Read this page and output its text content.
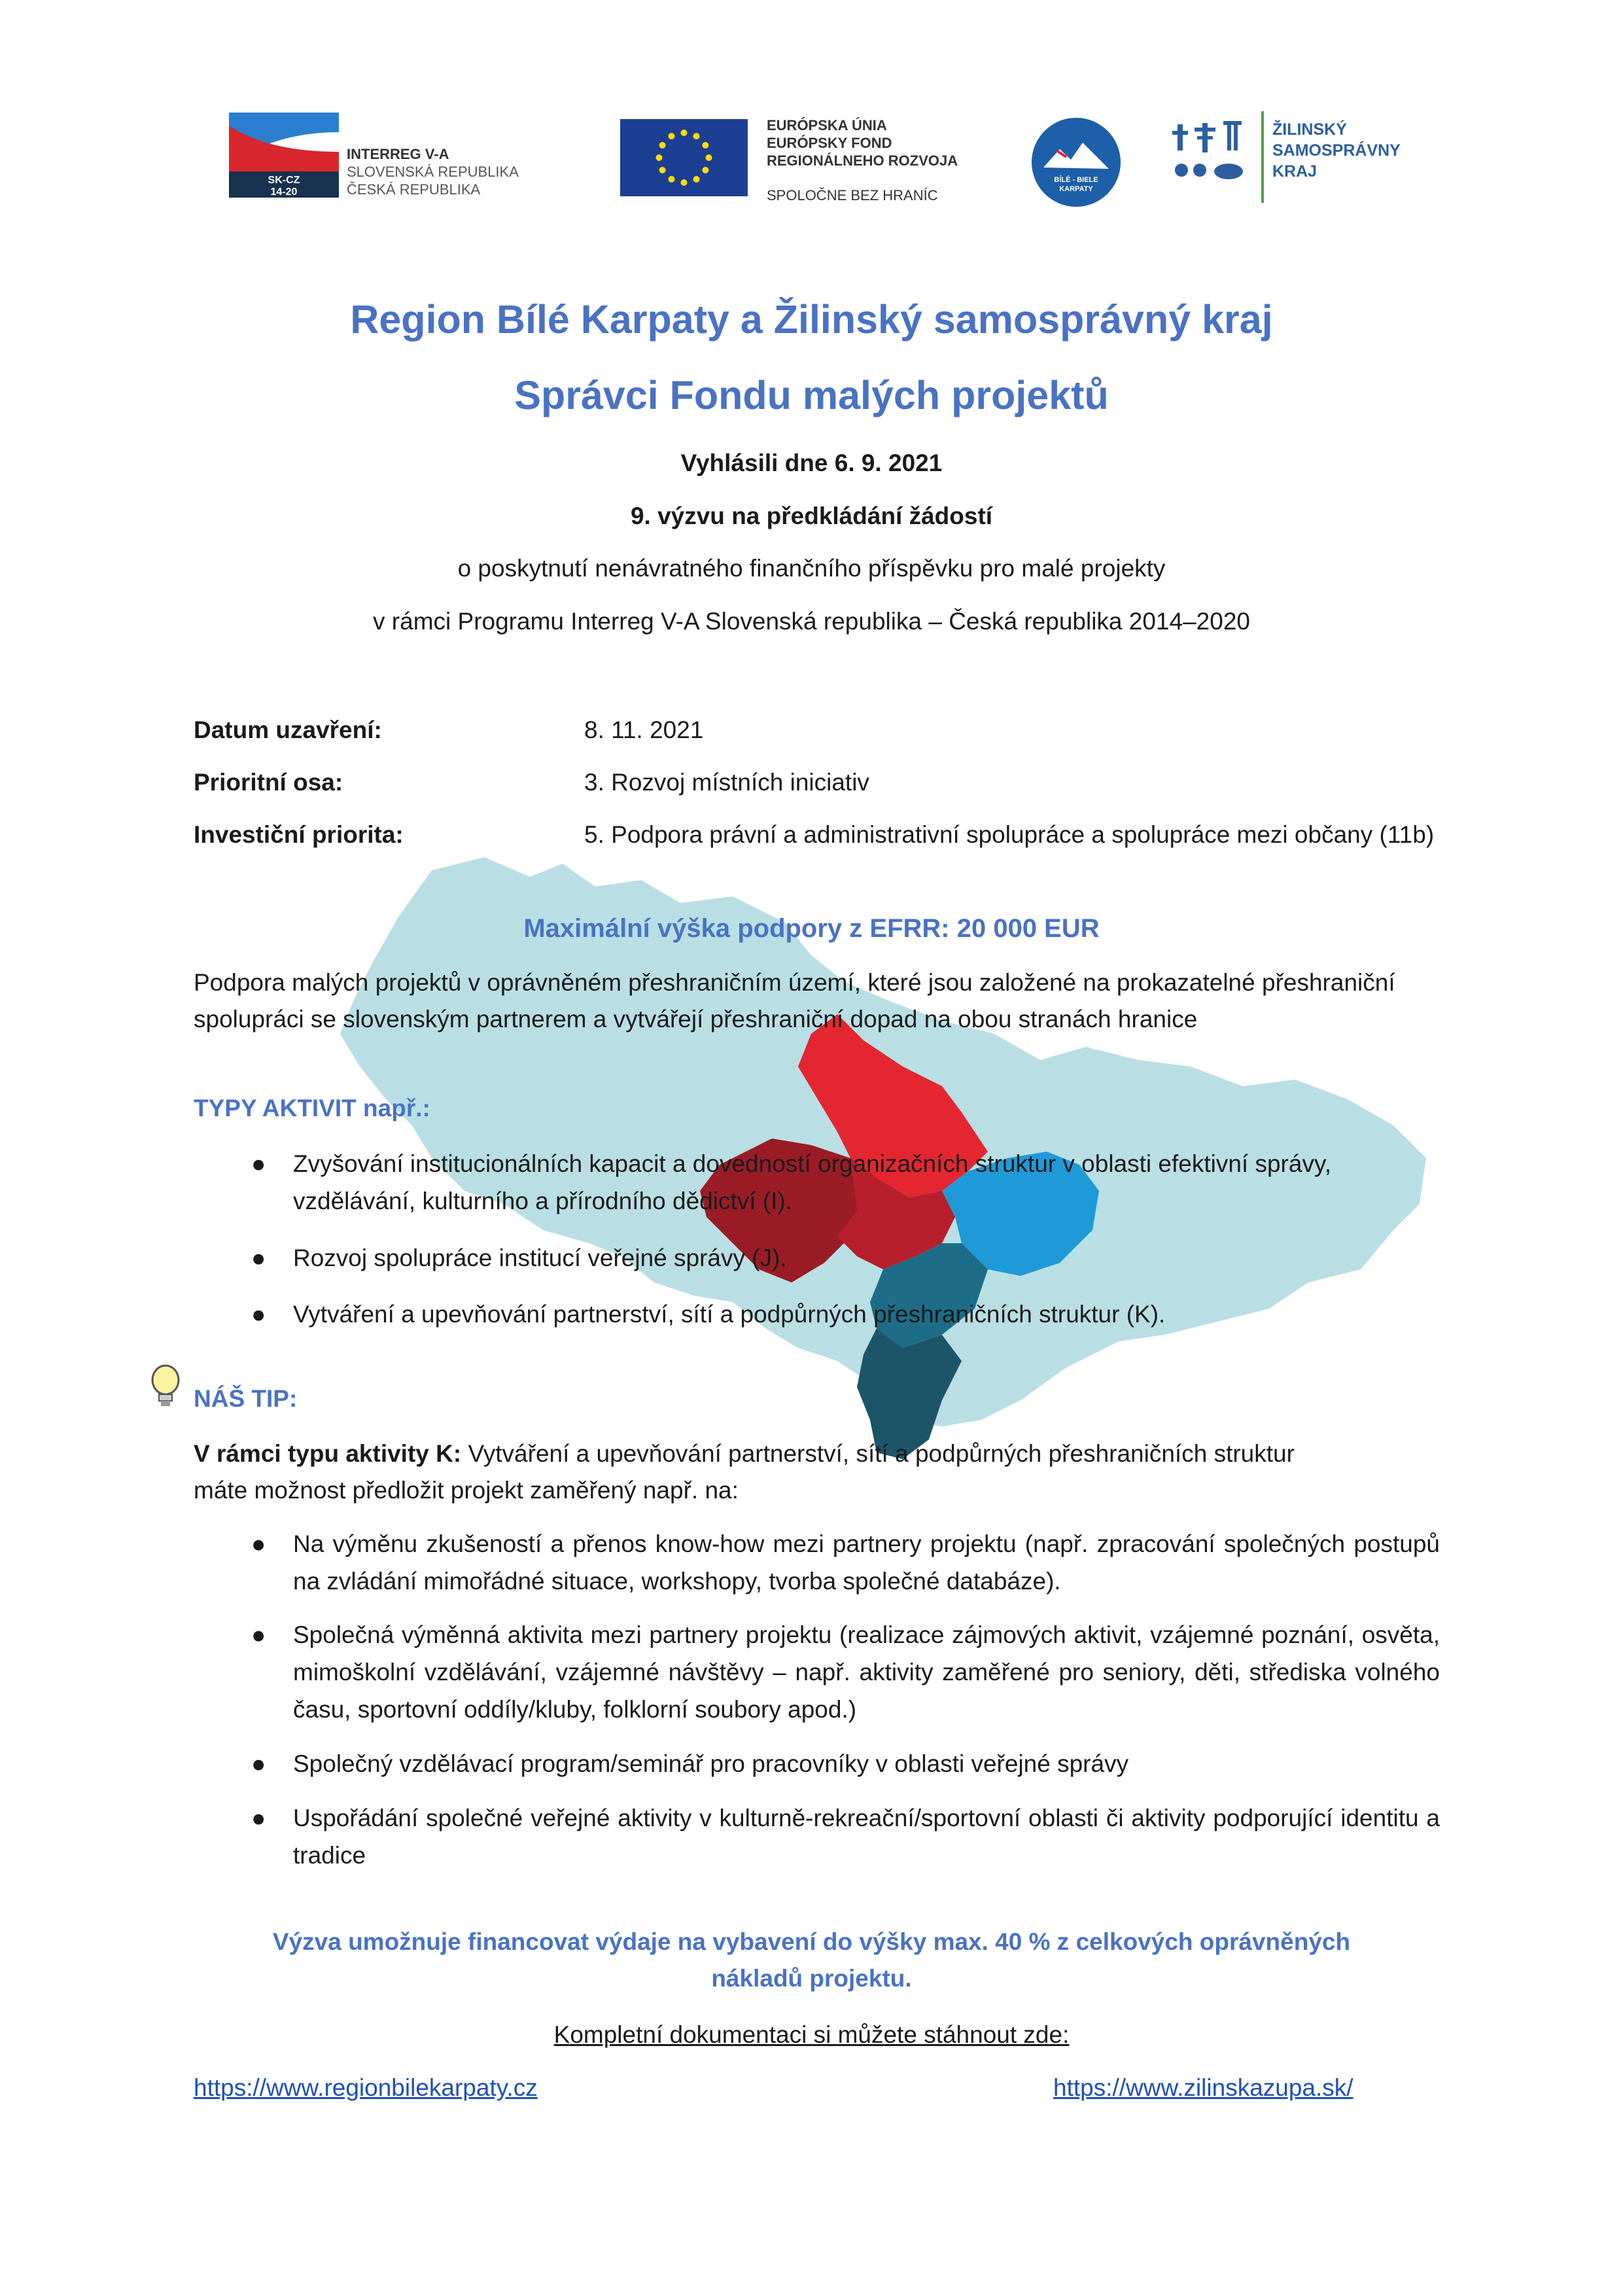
SK-CZ
14-20
INTERREG V-A
SLOVENSKÁ REPUBLIKA
ČESKÁ REPUBLIKA
EURÓPSKA ÚNIA
EURÓPSKY FOND
REGIONÁLNEHO ROZVOJA
SPOLOČNE BEZ HRANÍC
BÍLÉ - BIELE
KARPATY
ŽILINSKÝ
SAMOSPRÁVNY
KRAJ
Region Bílé Karpaty a Žilinský samosprávný kraj
Správci Fondu malých projektů
Vyhlásili dne 6. 9. 2021
9. výzvu na předkládání žádostí
o poskytnutí nenávratného finančního příspěvku pro malé projekty
v rámci Programu Interreg V-A Slovenská republika – Česká republika 2014–2020
Datum uzavření:	8. 11. 2021
Prioritní osa:	3. Rozvoj místních iniciativ
Investiční priorita:	5. Podpora právní a administrativní spolupráce a spolupráce mezi občany (11b)
Maximální výška podpory z EFRR: 20 000 EUR
Podpora malých projektů v oprávněném přeshraničním území, které jsou založené na prokazatelné přeshraniční spolupráci se slovenským partnerem a vytvářejí přeshraniční dopad na obou stranách hranice
TYPY AKTIVIT např.:
● Zvyšování institucionálních kapacit a dovedností organizačních struktur v oblasti efektivní správy, vzdělávání, kulturního a přírodního dědictví (I).
● Rozvoj spolupráce institucí veřejné správy (J).
● Vytváření a upevňování partnerství, sítí a podpůrných přeshraničních struktur (K).
NÁŠ TIP:
V rámci typu aktivity K: Vytváření a upevňování partnerství, sítí a podpůrných přeshraničních struktur
máte možnost předložit projekt zaměřený např. na:
● Na výměnu zkušeností a přenos know-how mezi partnery projektu (např. zpracování společných postupů na zvládání mimořádné situace, workshopy, tvorba společné databáze).
● Společná výměnná aktivita mezi partnery projektu (realizace zájmových aktivit, vzájemné poznání, osvěta, mimoškolní vzdělávání, vzájemné návštěvy – např. aktivity zaměřené pro seniory, děti, střediska volného času, sportovní oddíly/kluby, folklorní soubory apod.)
● Společný vzdělávací program/seminář pro pracovníky v oblasti veřejné správy
● Uspořádání společné veřejné aktivity v kulturně-rekreační/sportovní oblasti či aktivity podporující identitu a tradice
Výzva umožnuje financovat výdaje na vybavení do výšky max. 40 % z celkových oprávněných
nákladů projektu.
Kompletní dokumentaci si můžete stáhnout zde:
https://www.regionbilekarpaty.cz	https://www.zilinskazupa.sk/
